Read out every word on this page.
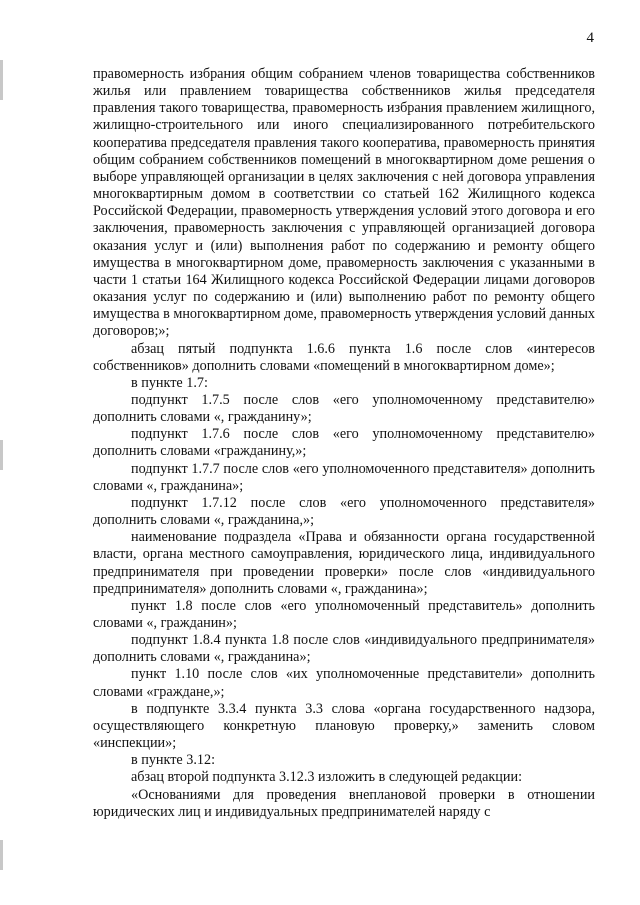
4

правомерность избрания общим собранием членов товарищества собственников жилья или правлением товарищества собственников жилья председателя правления такого товарищества, правомерность избрания правлением жилищного, жилищно-строительного или иного специализированного потребительского кооператива председателя правления такого кооператива, правомерность принятия общим собранием собственников помещений в многоквартирном доме решения о выборе управляющей организации в целях заключения с ней договора управления многоквартирным домом в соответствии со статьей 162 Жилищного кодекса Российской Федерации, правомерность утверждения условий этого договора и его заключения, правомерность заключения с управляющей организацией договора оказания услуг и (или) выполнения работ по содержанию и ремонту общего имущества в многоквартирном доме, правомерность заключения с указанными в части 1 статьи 164 Жилищного кодекса Российской Федерации лицами договоров оказания услуг по содержанию и (или) выполнению работ по ремонту общего имущества в многоквартирном доме, правомерность утверждения условий данных договоров;»;

абзац пятый подпункта 1.6.6 пункта 1.6 после слов «интересов собственников» дополнить словами «помещений в многоквартирном доме»;

в пункте 1.7:

подпункт 1.7.5 после слов «его уполномоченному представителю» дополнить словами «, гражданину»;

подпункт 1.7.6 после слов «его уполномоченному представителю» дополнить словами «гражданину,»;

подпункт 1.7.7 после слов «его уполномоченного представителя» дополнить словами «, гражданина»;

подпункт 1.7.12 после слов «его уполномоченного представителя» дополнить словами «, гражданина,»;

наименование подраздела «Права и обязанности органа государственной власти, органа местного самоуправления, юридического лица, индивидуального предпринимателя при проведении проверки» после слов «индивидуального предпринимателя» дополнить словами «, гражданина»;

пункт 1.8 после слов «его уполномоченный представитель» дополнить словами «, гражданин»;

подпункт 1.8.4 пункта 1.8 после слов «индивидуального предпринимателя» дополнить словами «, гражданина»;

пункт 1.10 после слов «их уполномоченные представители» дополнить словами «граждане,»;

в подпункте 3.3.4 пункта 3.3 слова «органа государственного надзора, осуществляющего конкретную плановую проверку,» заменить словом «инспекции»;

в пункте 3.12:

абзац второй подпункта 3.12.3 изложить в следующей редакции:

«Основаниями для проведения внеплановой проверки в отношении юридических лиц и индивидуальных предпринимателей наряду с
